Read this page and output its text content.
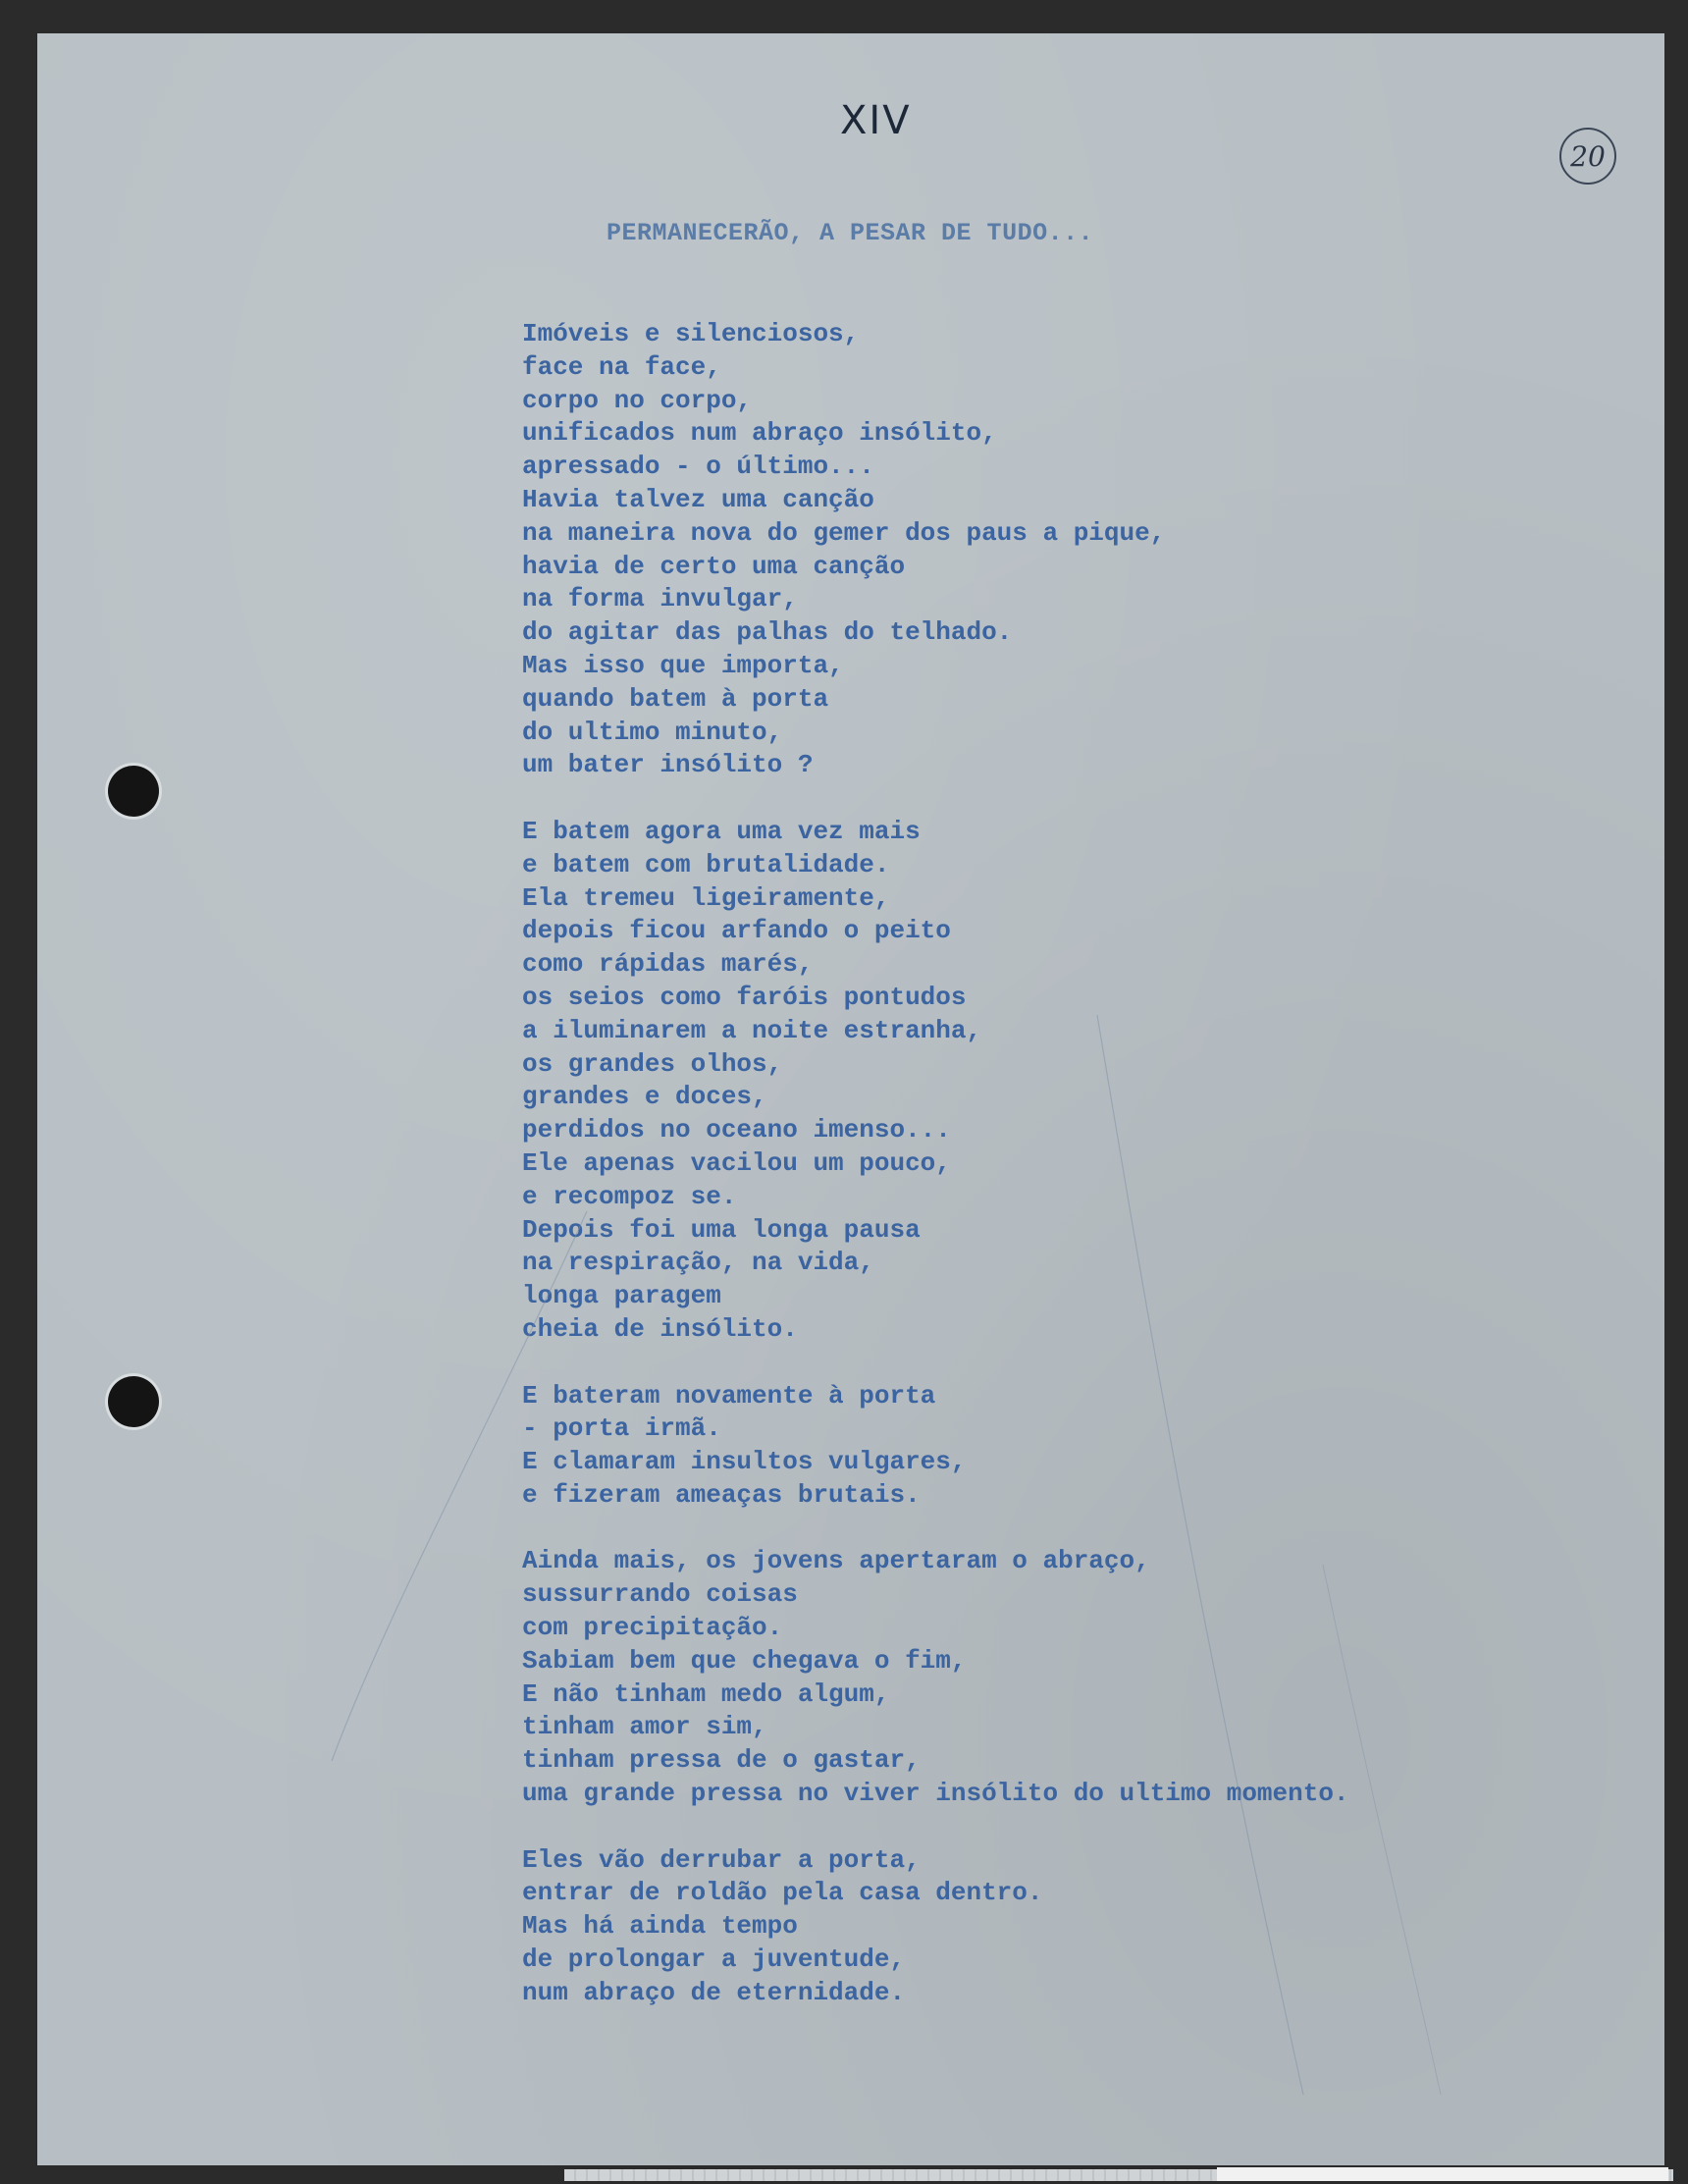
XIV
20
PERMANECERÃO, A PESAR DE TUDO...
Imóveis e silenciosos,
face na face,
corpo no corpo,
unificados num abraço insólito,
apressado - o último...
Havia talvez uma canção
na maneira nova do gemer dos paus a pique,
havia de certo uma canção
na forma invulgar,
do agitar das palhas do telhado.
Mas isso que importa,
quando batem à porta
do ultimo minuto,
um bater insólito ?
E batem agora uma vez mais
e batem com brutalidade.
Ela tremeu ligeiramente,
depois ficou arfando o peito
como rápidas marés,
os seios como faróis pontudos
a iluminarem a noite estranha,
os grandes olhos,
grandes e doces,
perdidos no oceano imenso...
Ele apenas vacilou um pouco,
e recompoz se.
Depois foi uma longa pausa
na respiração, na vida,
longa paragem
cheia de insólito.
E bateram novamente à porta
- porta irmã.
E clamaram insultos vulgares,
e fizeram ameaças brutais.
Ainda mais, os jovens apertaram o abraço,
sussurrando coisas
com precipitação.
Sabiam bem que chegava o fim,
E não tinham medo algum,
tinham amor sim,
tinham pressa de o gastar,
uma grande pressa no viver insólito do ultimo momento.
Eles vão derrubar a porta,
entrar de roldão pela casa dentro.
Mas há ainda tempo
de prolongar a juventude,
num abraço de eternidade.
